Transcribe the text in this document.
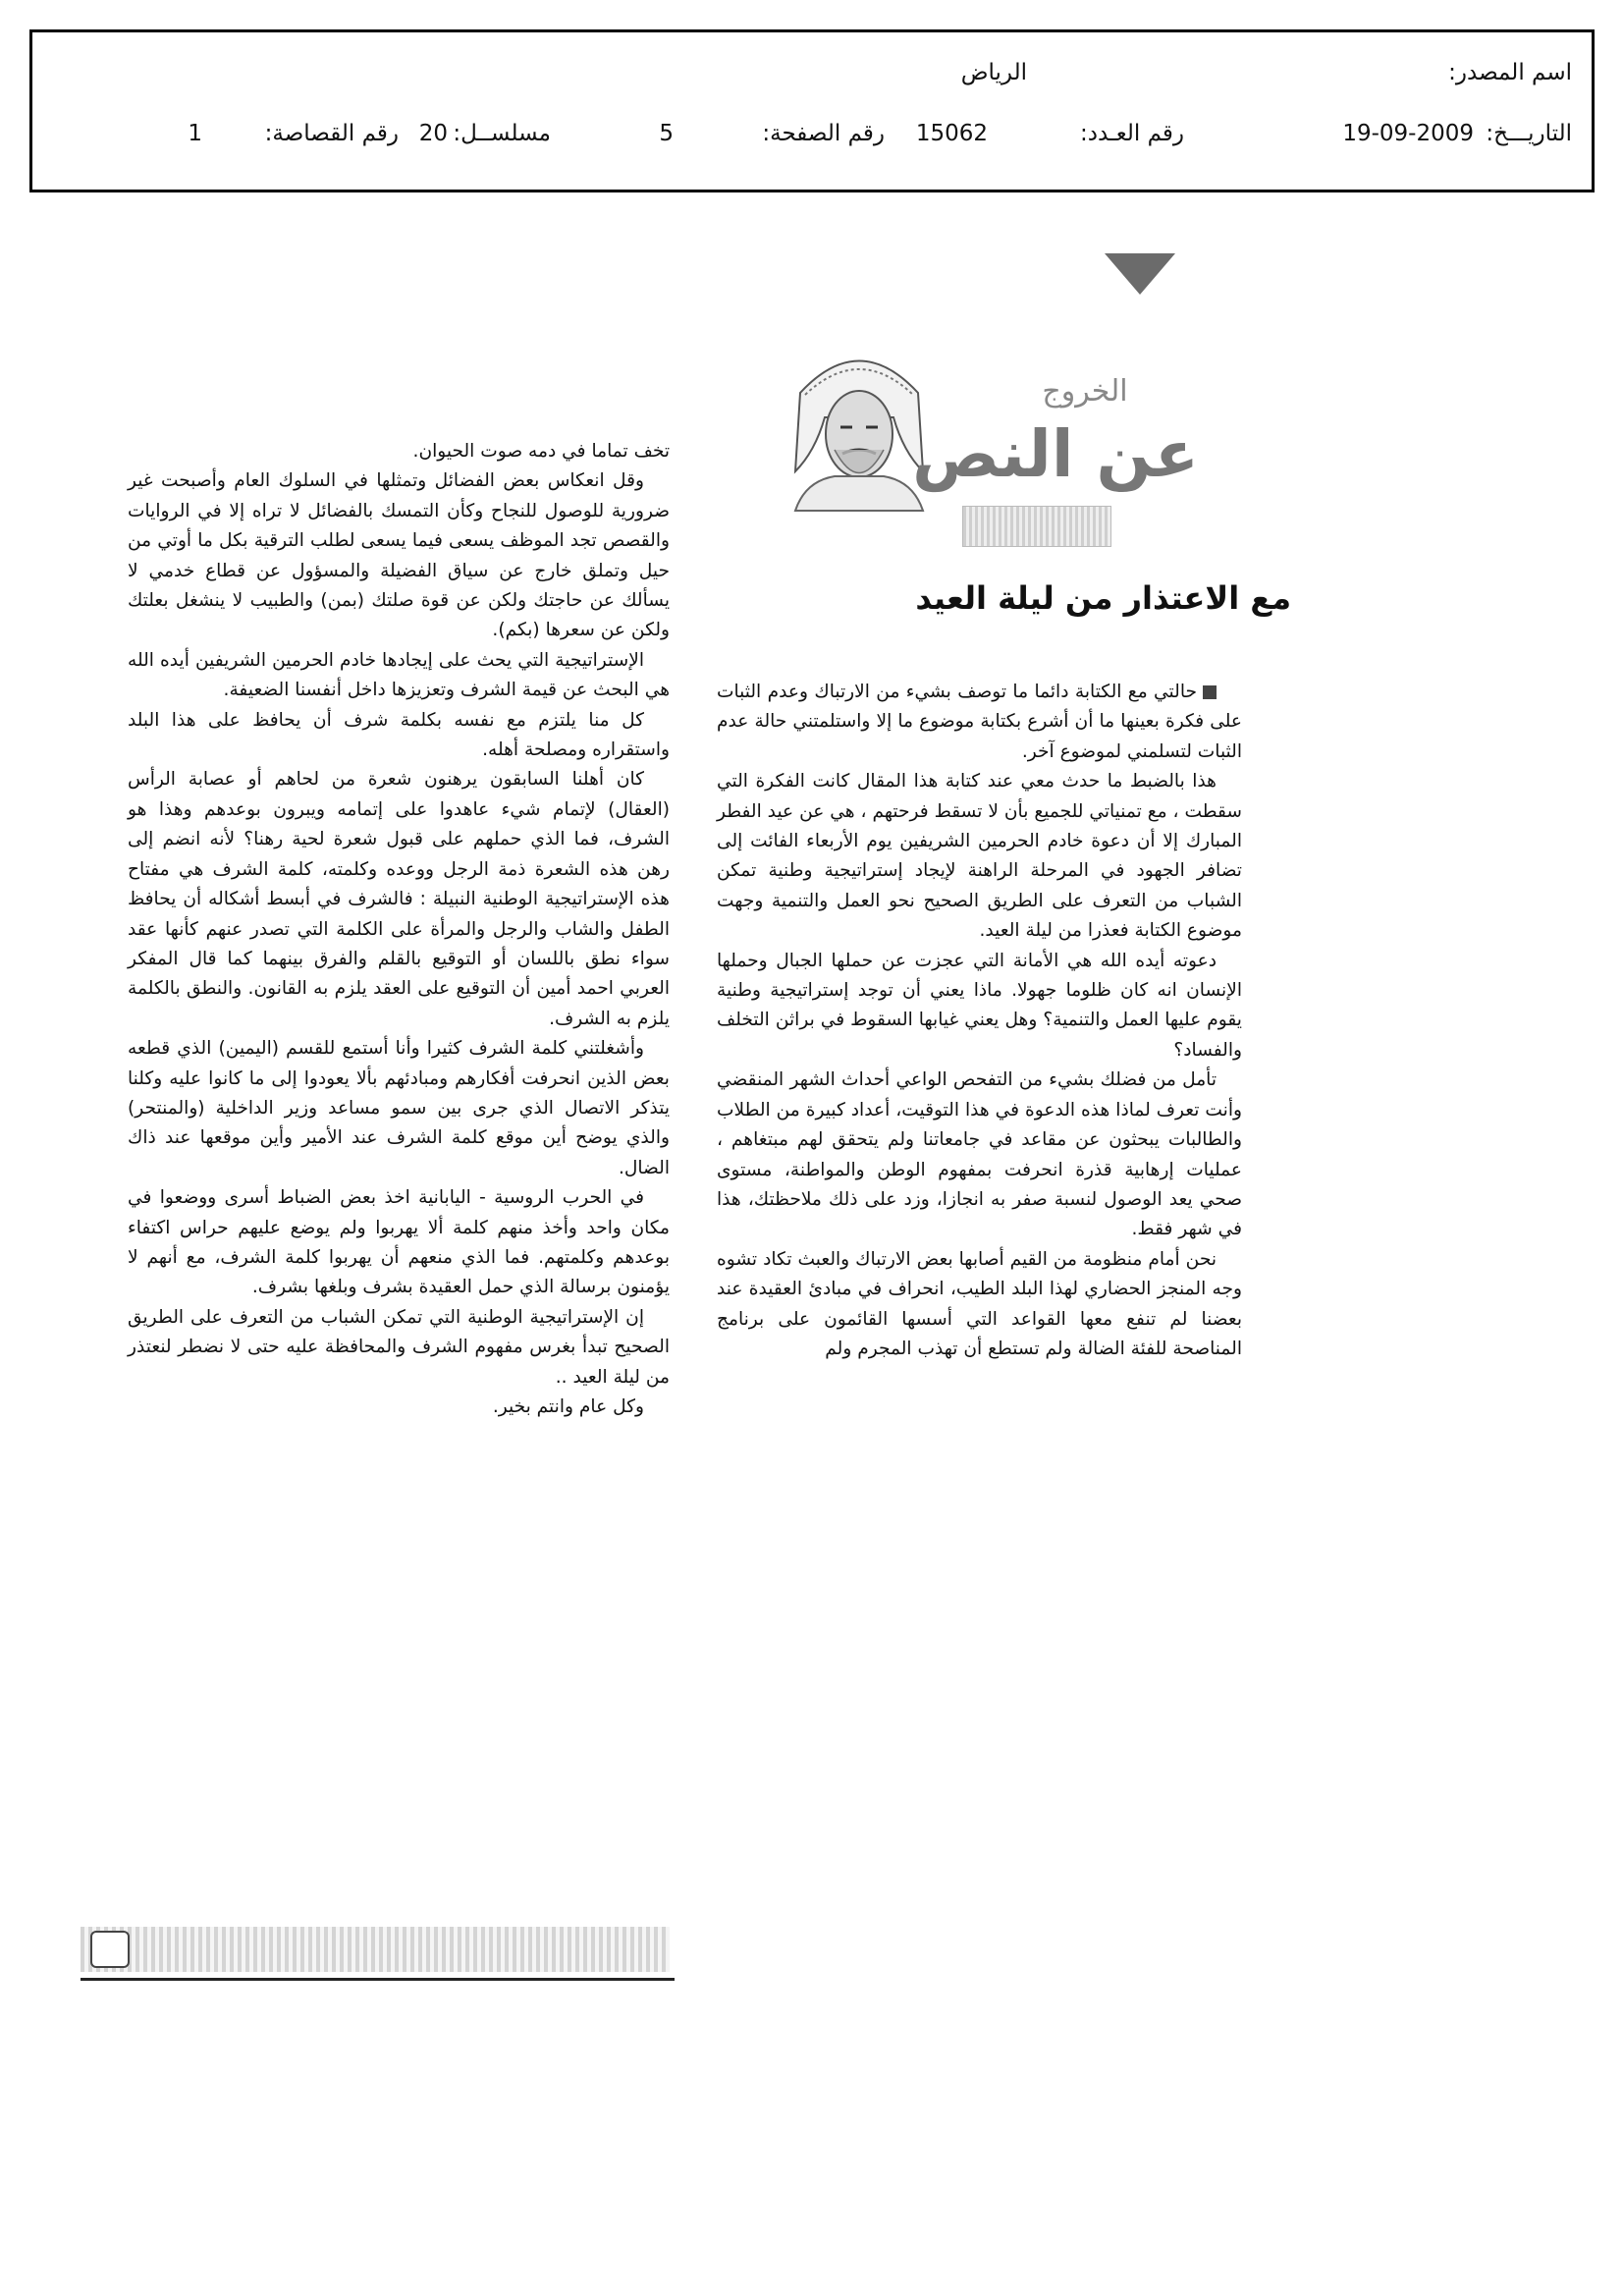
اسم المصدر:
الرياض
التاريـــخ:
19-09-2009
رقم العـدد:
15062
رقم الصفحة:
5
مسلســل:
20
رقم القصاصة:
1
الخروج
عن النص
مع الاعتذار من ليلة العيد

حالتي مع الكتابة دائما ما توصف بشيء من الارتباك وعدم الثبات على فكرة بعينها ما أن أشرع بكتابة موضوع ما إلا واستلمتني حالة عدم الثبات لتسلمني لموضوع آخر.

هذا بالضبط ما حدث معي عند كتابة هذا المقال كانت الفكرة التي سقطت ، مع تمنياتي للجميع بأن لا تسقط فرحتهم ، هي عن عيد الفطر المبارك إلا أن دعوة خادم الحرمين الشريفين يوم الأربعاء الفائت إلى تضافر الجهود في المرحلة الراهنة لإيجاد إستراتيجية وطنية تمكن الشباب من التعرف على الطريق الصحيح نحو العمل والتنمية وجهت موضوع الكتابة فعذرا من ليلة العيد.

دعوته أيده الله هي الأمانة التي عجزت عن حملها الجبال وحملها الإنسان انه كان ظلوما جهولا. ماذا يعني أن توجد إستراتيجية وطنية يقوم عليها العمل والتنمية؟ وهل يعني غيابها السقوط في براثن التخلف والفساد؟

تأمل من فضلك بشيء من التفحص الواعي أحداث الشهر المنقضي وأنت تعرف لماذا هذه الدعوة في هذا التوقيت، أعداد كبيرة من الطلاب والطالبات يبحثون عن مقاعد في جامعاتنا ولم يتحقق لهم مبتغاهم ، عمليات إرهابية قذرة انحرفت بمفهوم الوطن والمواطنة، مستوى صحي يعد الوصول لنسبة صفر به انجازا، وزد على ذلك ملاحظتك، هذا في شهر فقط.

نحن أمام منظومة من القيم أصابها بعض الارتباك والعبث تكاد تشوه وجه المنجز الحضاري لهذا البلد الطيب، انحراف في مبادئ العقيدة عند بعضنا لم تنفع معها القواعد التي أسسها القائمون على برنامج المناصحة للفئة الضالة ولم تستطع أن تهذب المجرم ولم

تخف تماما في دمه صوت الحيوان.

وقل انعكاس بعض الفضائل وتمثلها في السلوك العام وأصبحت غير ضرورية للوصول للنجاح وكأن التمسك بالفضائل لا تراه إلا في الروايات والقصص تجد الموظف يسعى فيما يسعى لطلب الترقية بكل ما أوتي من حيل وتملق خارج عن سياق الفضيلة والمسؤول عن قطاع خدمي لا يسألك عن حاجتك ولكن عن قوة صلتك (بمن) والطبيب لا ينشغل بعلتك ولكن عن سعرها (بكم).

الإستراتيجية التي يحث على إيجادها خادم الحرمين الشريفين أيده الله هي البحث عن قيمة الشرف وتعزيزها داخل أنفسنا الضعيفة.

كل منا يلتزم مع نفسه بكلمة شرف أن يحافظ على هذا البلد واستقراره ومصلحة أهله.

كان أهلنا السابقون يرهنون شعرة من لحاهم أو عصابة الرأس (العقال) لإتمام شيء عاهدوا على إتمامه ويبرون بوعدهم وهذا هو الشرف، فما الذي حملهم على قبول شعرة لحية رهنا؟ لأنه انضم إلى رهن هذه الشعرة ذمة الرجل ووعده وكلمته، كلمة الشرف هي مفتاح هذه الإستراتيجية الوطنية النبيلة : فالشرف في أبسط أشكاله أن يحافظ الطفل والشاب والرجل والمرأة على الكلمة التي تصدر عنهم كأنها عقد سواء نطق باللسان أو التوقيع بالقلم والفرق بينهما كما قال المفكر العربي احمد أمين أن التوقيع على العقد يلزم به القانون. والنطق بالكلمة يلزم به الشرف.

وأشغلتني كلمة الشرف كثيرا وأنا أستمع للقسم (اليمين) الذي قطعه بعض الذين انحرفت أفكارهم ومبادئهم بألا يعودوا إلى ما كانوا عليه وكلنا يتذكر الاتصال الذي جرى بين سمو مساعد وزير الداخلية (والمنتحر) والذي يوضح أين موقع كلمة الشرف عند الأمير وأين موقعها عند ذاك الضال.

في الحرب الروسية - اليابانية اخذ بعض الضباط أسرى ووضعوا في مكان واحد وأخذ منهم كلمة ألا يهربوا ولم يوضع عليهم حراس اكتفاء بوعدهم وكلمتهم. فما الذي منعهم أن يهربوا كلمة الشرف، مع أنهم لا يؤمنون برسالة الذي حمل العقيدة بشرف وبلغها بشرف.

إن الإستراتيجية الوطنية التي تمكن الشباب من التعرف على الطريق الصحيح تبدأ بغرس مفهوم الشرف والمحافظة عليه حتى لا نضطر لنعتذر من ليلة العيد ..

وكل عام وانتم بخير.
